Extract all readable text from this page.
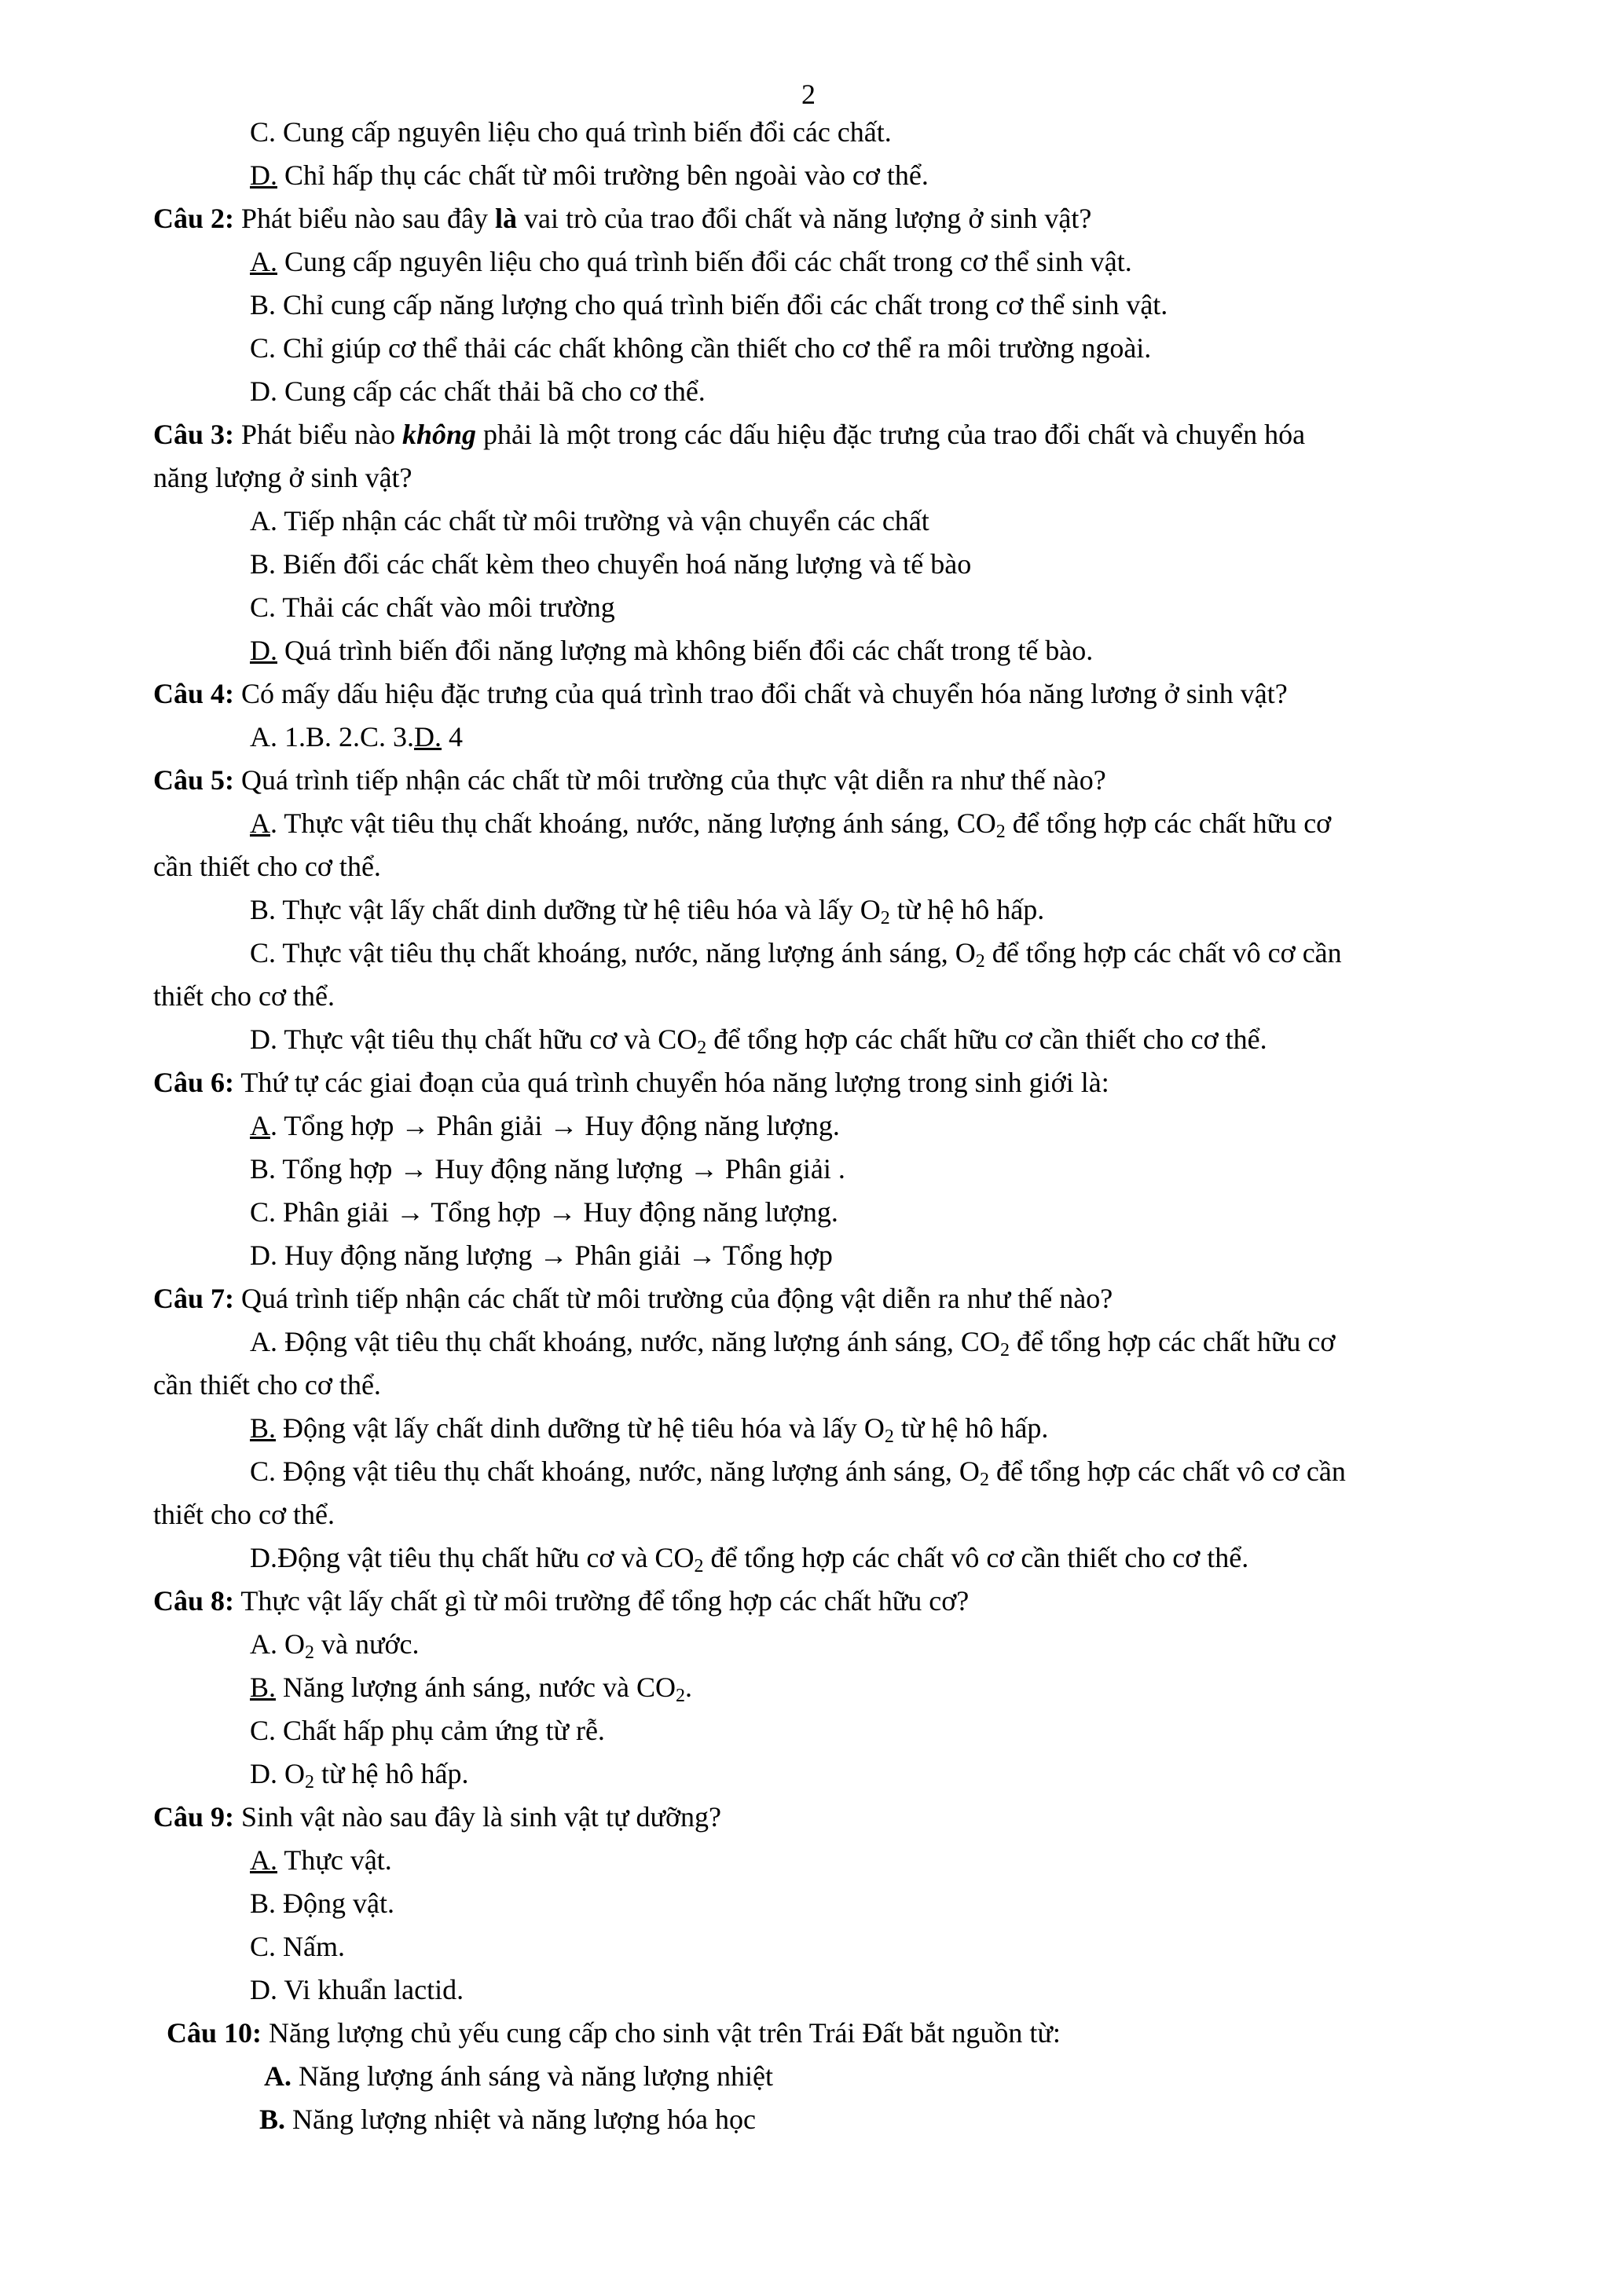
2
C. Cung cấp nguyên liệu cho quá trình biến đổi các chất.
D. Chỉ hấp thụ các chất từ môi trường bên ngoài vào cơ thể.
Câu 2: Phát biểu nào sau đây là vai trò của trao đổi chất và năng lượng ở sinh vật?
A. Cung cấp nguyên liệu cho quá trình biến đổi các chất trong cơ thể sinh vật.
B. Chỉ cung cấp năng lượng cho quá trình biến đổi các chất trong cơ thể sinh vật.
C. Chỉ giúp cơ thể thải các chất không cần thiết cho cơ thể ra môi trường ngoài.
D. Cung cấp các chất thải bã cho cơ thể.
Câu 3: Phát biểu nào không phải là một trong các dấu hiệu đặc trưng của trao đổi chất và chuyển hóa
năng lượng ở sinh vật?
A. Tiếp nhận các chất từ môi trường và vận chuyển các chất
B. Biến đổi các chất kèm theo chuyển hoá năng lượng và tế bào
C. Thải các chất vào môi trường
D. Quá trình biến đổi năng lượng mà không biến đổi các chất trong tế bào.
Câu 4: Có mấy dấu hiệu đặc trưng của quá trình trao đổi chất và chuyển hóa năng lương ở sinh vật?
A. 1.B. 2.C. 3.D. 4
Câu 5: Quá trình tiếp nhận các chất từ môi trường của thực vật diễn ra như thế nào?
A. Thực vật tiêu thụ chất khoáng, nước, năng lượng ánh sáng, $CO_2$ để tổng hợp các chất hữu cơ
cần thiết cho cơ thể.
B. Thực vật lấy chất dinh dưỡng từ hệ tiêu hóa và lấy $O_2$ từ hệ hô hấp.
C. Thực vật tiêu thụ chất khoáng, nước, năng lượng ánh sáng, $O_2$ để tổng hợp các chất vô cơ cần
thiết cho cơ thể.
D. Thực vật tiêu thụ chất hữu cơ và $CO_2$ để tổng hợp các chất hữu cơ cần thiết cho cơ thể.
Câu 6: Thứ tự các giai đoạn của quá trình chuyển hóa năng lượng trong sinh giới là:
A. Tổng hợp → Phân giải → Huy động năng lượng.
B. Tổng hợp → Huy động năng lượng → Phân giải .
C. Phân giải → Tổng hợp → Huy động năng lượng.
D. Huy động năng lượng → Phân giải → Tổng hợp
Câu 7: Quá trình tiếp nhận các chất từ môi trường của động vật diễn ra như thế nào?
A. Động vật tiêu thụ chất khoáng, nước, năng lượng ánh sáng, $CO_2$ để tổng hợp các chất hữu cơ
cần thiết cho cơ thể.
B. Động vật lấy chất dinh dưỡng từ hệ tiêu hóa và lấy $O_2$ từ hệ hô hấp.
C. Động vật tiêu thụ chất khoáng, nước, năng lượng ánh sáng, $O_2$ để tổng hợp các chất vô cơ cần
thiết cho cơ thể.
D.Động vật tiêu thụ chất hữu cơ và $CO_2$ để tổng hợp các chất vô cơ cần thiết cho cơ thể.
Câu 8: Thực vật lấy chất gì từ môi trường để tổng hợp các chất hữu cơ?
A. $O_2$ và nước.
B. Năng lượng ánh sáng, nước và $CO_2$.
C. Chất hấp phụ cảm ứng từ rễ.
D. $O_2$ từ hệ hô hấp.
Câu 9: Sinh vật nào sau đây là sinh vật tự dưỡng?
A. Thực vật.
B. Động vật.
C. Nấm.
D. Vi khuẩn lactid.
Câu 10: Năng lượng chủ yếu cung cấp cho sinh vật trên Trái Đất bắt nguồn từ:
A. Năng lượng ánh sáng và năng lượng nhiệt
B. Năng lượng nhiệt và năng lượng hóa học
